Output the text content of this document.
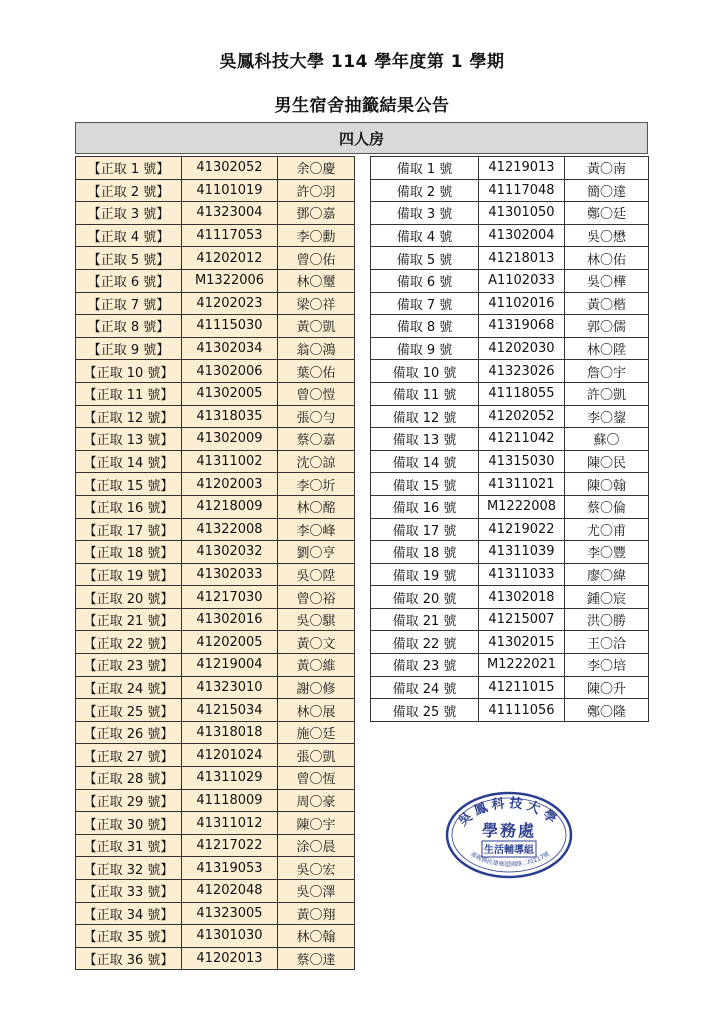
吳鳳科技大學 114 學年度第 1 學期
男生宿舍抽籤結果公告
四人房
【正取 1 號】	41302052	余〇慶
【正取 2 號】	41101019	許〇羽
【正取 3 號】	41323004	鄧〇嘉
【正取 4 號】	41117053	李〇勳
【正取 5 號】	41202012	曾〇佑
【正取 6 號】	M1322006	林〇璽
【正取 7 號】	41202023	梁〇祥
【正取 8 號】	41115030	黃〇凱
【正取 9 號】	41302034	翁〇鴻
【正取 10 號】	41302006	葉〇佑
【正取 11 號】	41302005	曾〇愷
【正取 12 號】	41318035	張〇勻
【正取 13 號】	41302009	蔡〇嘉
【正取 14 號】	41311002	沈〇諒
【正取 15 號】	41202003	李〇圻
【正取 16 號】	41218009	林〇酩
【正取 17 號】	41322008	李〇峰
【正取 18 號】	41302032	劉〇亨
【正取 19 號】	41302033	吳〇陞
【正取 20 號】	41217030	曾〇裕
【正取 21 號】	41302016	吳〇騏
【正取 22 號】	41202005	黃〇文
【正取 23 號】	41219004	黃〇維
【正取 24 號】	41323010	謝〇修
【正取 25 號】	41215034	林〇展
【正取 26 號】	41318018	施〇廷
【正取 27 號】	41201024	張〇凱
【正取 28 號】	41311029	曾〇恆
【正取 29 號】	41118009	周〇豪
【正取 30 號】	41311012	陳〇宇
【正取 31 號】	41217022	涂〇晨
【正取 32 號】	41319053	吳〇宏
【正取 33 號】	41202048	吳〇澤
【正取 34 號】	41323005	黃〇翔
【正取 35 號】	41301030	林〇翰
【正取 36 號】	41202013	蔡〇達
備取 1 號	41219013	黃〇南
備取 2 號	41117048	簡〇達
備取 3 號	41301050	鄭〇廷
備取 4 號	41302004	吳〇懋
備取 5 號	41218013	林〇佑
備取 6 號	A1102033	吳〇樺
備取 7 號	41102016	黃〇楷
備取 8 號	41319068	郭〇儒
備取 9 號	41202030	林〇陞
備取 10 號	41323026	詹〇宇
備取 11 號	41118055	許〇凱
備取 12 號	41202052	李〇鋆
備取 13 號	41211042	蘇〇
備取 14 號	41315030	陳〇民
備取 15 號	41311021	陳〇翰
備取 16 號	M1222008	蔡〇倫
備取 17 號	41219022	尤〇甫
備取 18 號	41311039	李〇豐
備取 19 號	41311033	廖〇緯
備取 20 號	41302018	鍾〇宸
備取 21 號	41215007	洪〇勝
備取 22 號	41302015	王〇洽
備取 23 號	M1222021	李〇培
備取 24 號	41211015	陳〇升
備取 25 號	41111056	鄭〇隆
吳鳳科技大學
學務處
生活輔導組
嘉義縣民雄鄉建國路二段117號
